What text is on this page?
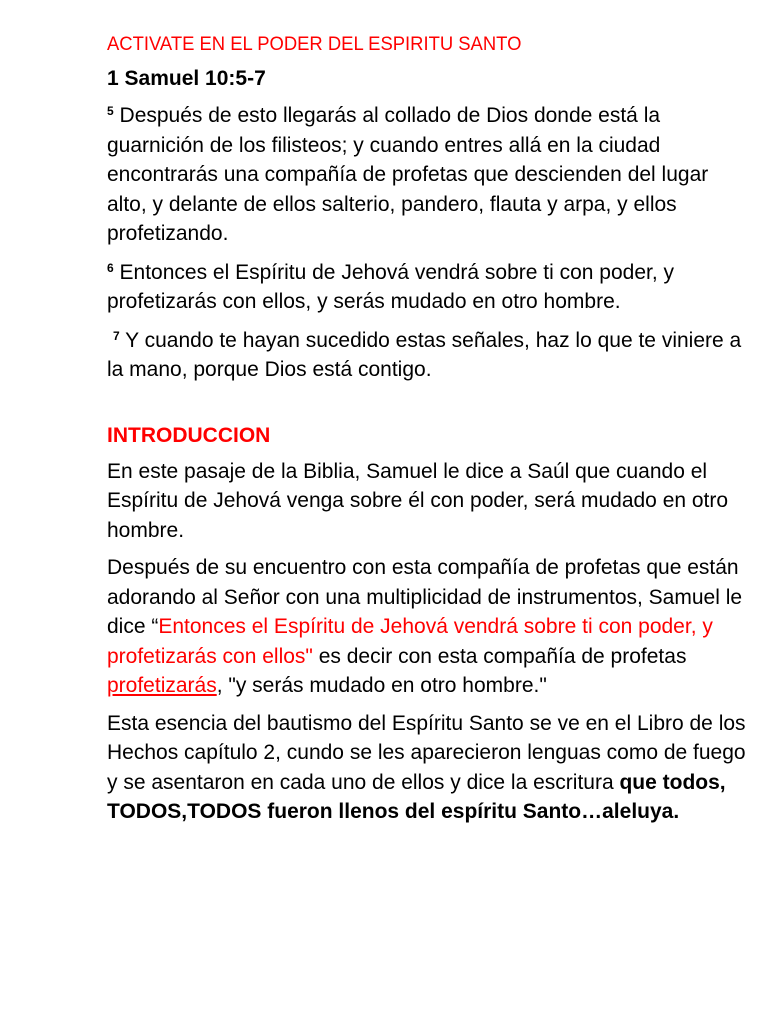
ACTIVATE EN EL PODER DEL ESPIRITU SANTO
1 Samuel 10:5-7

$^5$ Después de esto llegarás al collado de Dios donde está la guarnición de los filisteos; y cuando entres allá en la ciudad encontrarás una compañía de profetas que descienden del lugar alto, y delante de ellos salterio, pandero, flauta y arpa, y ellos profetizando.

$^6$ Entonces el Espíritu de Jehová vendrá sobre ti con poder, y profetizarás con ellos, y serás mudado en otro hombre.

$^7$ Y cuando te hayan sucedido estas señales, haz lo que te viniere a la mano, porque Dios está contigo.

INTRODUCCION

En este pasaje de la Biblia, Samuel le dice a Saúl que cuando el Espíritu de Jehová venga sobre él con poder, será mudado en otro hombre.

Después de su encuentro con esta compañía de profetas que están adorando al Señor con una multiplicidad de instrumentos, Samuel le dice “Entonces el Espíritu de Jehová vendrá sobre ti con poder, y profetizarás con ellos" es decir con esta compañía de profetas profetizarás, "y serás mudado en otro hombre."

Esta esencia del bautismo del Espíritu Santo se ve en el Libro de los Hechos capítulo 2, cundo se les aparecieron lenguas como de fuego y se asentaron en cada uno de ellos y dice la escritura que todos, TODOS,TODOS fueron llenos del espíritu Santo…aleluya.
